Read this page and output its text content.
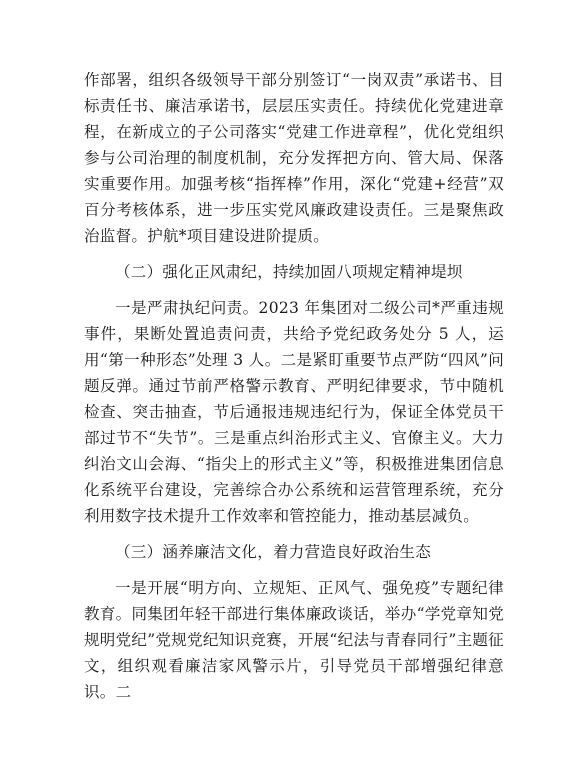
作部署，组织各级领导干部分别签订“一岗双责”承诺书、目标责任书、廉洁承诺书，层层压实责任。持续优化党建进章程，在新成立的子公司落实“党建工作进章程”，优化党组织参与公司治理的制度机制，充分发挥把方向、管大局、保落实重要作用。加强考核“指挥棒”作用，深化“党建+经营”双百分考核体系，进一步压实党风廉政建设责任。三是聚焦政治监督。护航*项目建设进阶提质。

（二）强化正风肃纪，持续加固八项规定精神堤坝

一是严肃执纪问责。2023 年集团对二级公司*严重违规事件，果断处置追责问责，共给予党纪政务处分 5 人，运用“第一种形态”处理 3 人。二是紧盯重要节点严防“四风”问题反弹。通过节前严格警示教育、严明纪律要求，节中随机检查、突击抽查，节后通报违规违纪行为，保证全体党员干部过节不“失节”。三是重点纠治形式主义、官僚主义。大力纠治文山会海、“指尖上的形式主义”等，积极推进集团信息化系统平台建设，完善综合办公系统和运营管理系统，充分利用数字技术提升工作效率和管控能力，推动基层减负。

（三）涵养廉洁文化，着力营造良好政治生态

一是开展“明方向、立规矩、正风气、强免疫”专题纪律教育。同集团年轻干部进行集体廉政谈话，举办“学党章知党规明党纪”党规党纪知识竞赛，开展“纪法与青春同行”主题征文，组织观看廉洁家风警示片，引导党员干部增强纪律意识。二
